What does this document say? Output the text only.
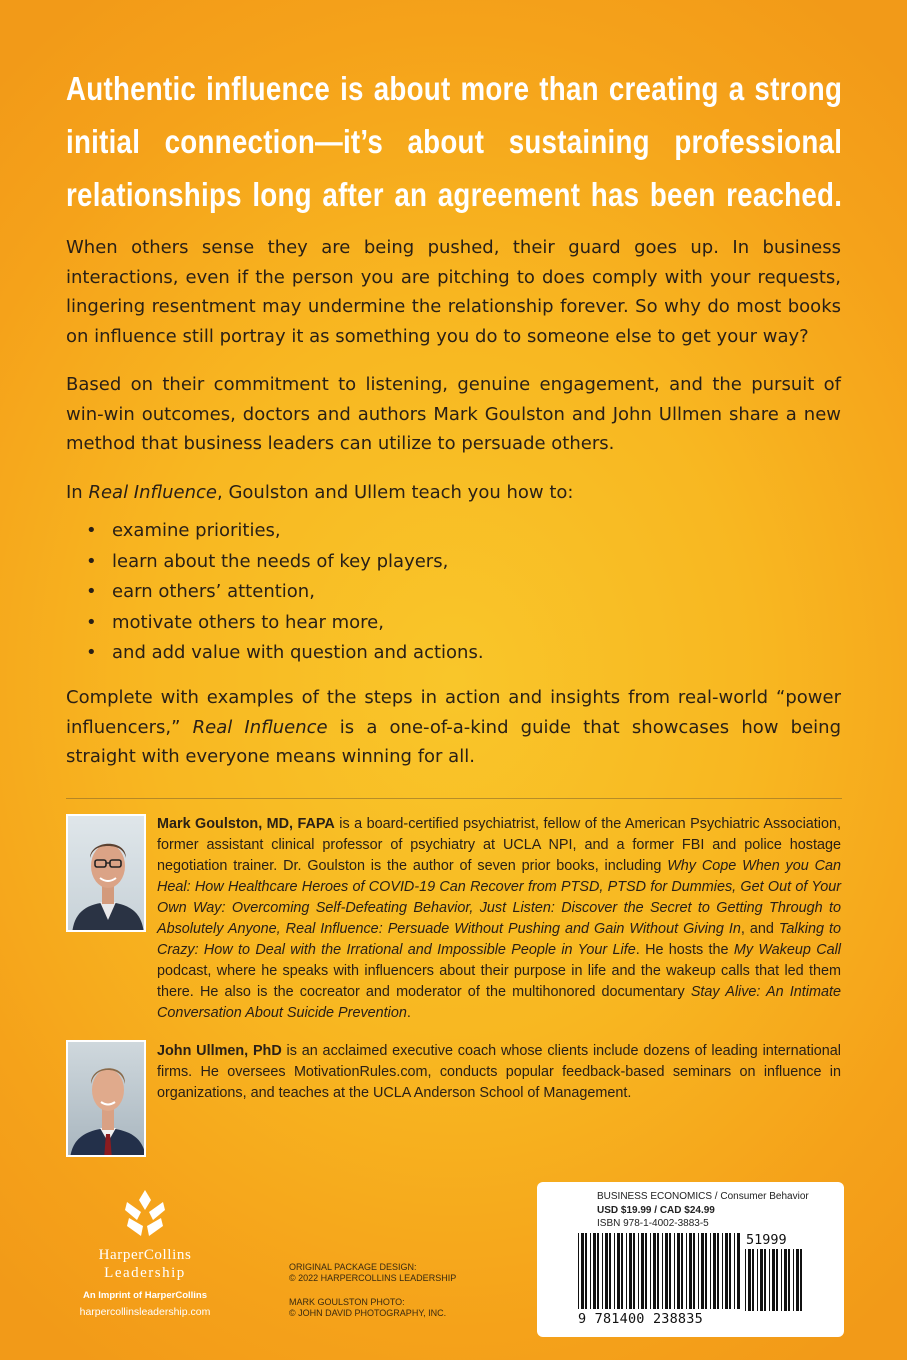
Authentic influence is about more than creating a strong
initial connection—it’s about sustaining professional
relationships long after an agreement has been reached.

When others sense they are being pushed, their guard goes up. In business interactions, even if the person you are pitching to does comply with your requests, lingering resentment may undermine the relationship forever. So why do most books on influence still portray it as something you do to someone else to get your way?

Based on their commitment to listening, genuine engagement, and the pursuit of win-win outcomes, doctors and authors Mark Goulston and John Ullmen share a new method that business leaders can utilize to persuade others.

In Real Influence, Goulston and Ullem teach you how to:

• examine priorities,
• learn about the needs of key players,
• earn others’ attention,
• motivate others to hear more,
• and add value with question and actions.

Complete with examples of the steps in action and insights from real-world “power influencers,” Real Influence is a one-of-a-kind guide that showcases how being straight with everyone means winning for all.

Mark Goulston, MD, FAPA is a board-certified psychiatrist, fellow of the American Psychiatric Association, former assistant clinical professor of psychiatry at UCLA NPI, and a former FBI and police hostage negotiation trainer. Dr. Goulston is the author of seven prior books, including Why Cope When you Can Heal: How Healthcare Heroes of COVID-19 Can Recover from PTSD, PTSD for Dummies, Get Out of Your Own Way: Overcoming Self-Defeating Behavior, Just Listen: Discover the Secret to Getting Through to Absolutely Anyone, Real Influence: Persuade Without Pushing and Gain Without Giving In, and Talking to Crazy: How to Deal with the Irrational and Impossible People in Your Life. He hosts the My Wakeup Call podcast, where he speaks with influencers about their purpose in life and the wakeup calls that led them there. He also is the cocreator and moderator of the multihonored documentary Stay Alive: An Intimate Conversation About Suicide Prevention.
John Ullmen, PhD is an acclaimed executive coach whose clients include dozens of leading international firms. He oversees MotivationRules.com, conducts popular feedback-based seminars on influence in organizations, and teaches at the UCLA Anderson School of Management.
HarperCollins
Leadership
An Imprint of HarperCollins
harpercollinsleadership.com
ORIGINAL PACKAGE DESIGN:
© 2022 HARPERCOLLINS LEADERSHIP
MARK GOULSTON PHOTO:
© JOHN DAVID PHOTOGRAPHY, INC.
BUSINESS ECONOMICS / Consumer Behavior
USD $19.99 / CAD $24.99
ISBN 978-1-4002-3883-5
9 781400 238835
51999
